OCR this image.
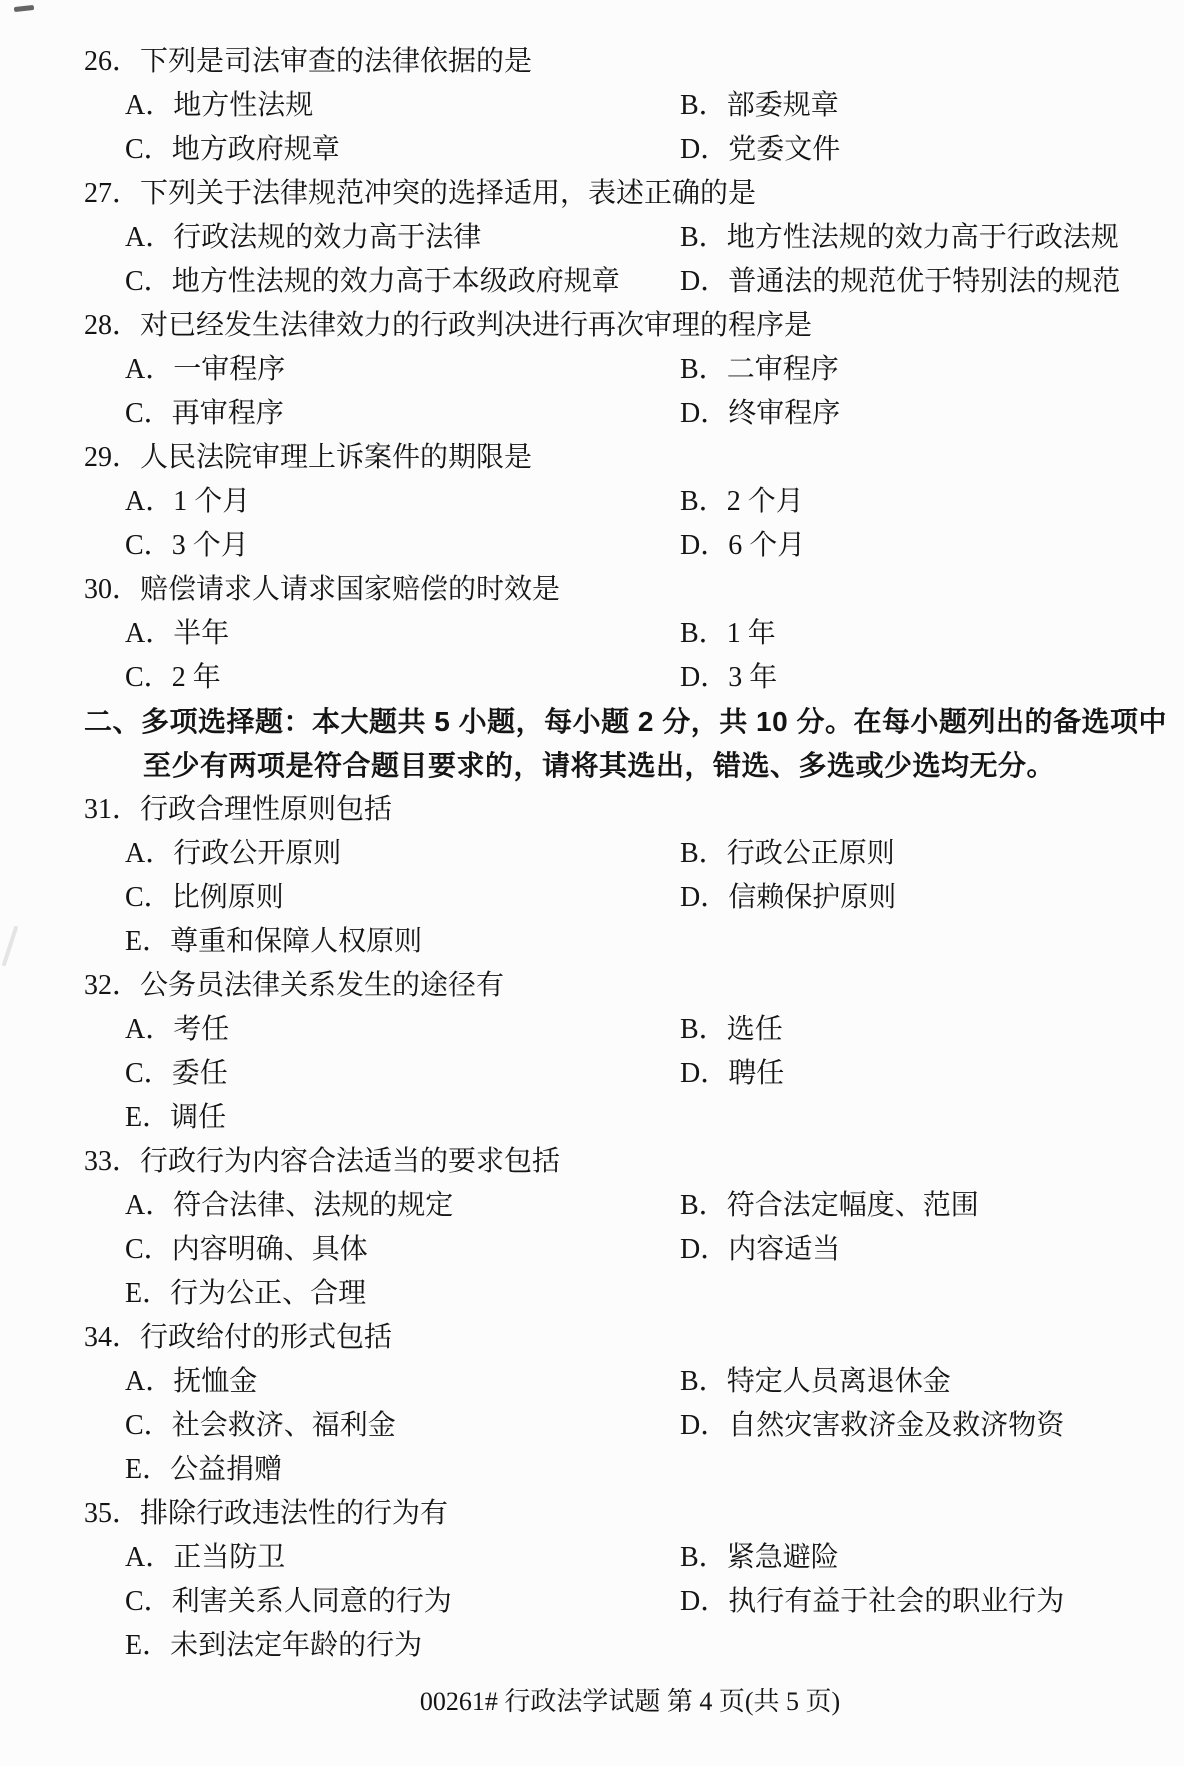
26．下列是司法审查的法律依据的是
A．地方性法规	B．部委规章
C．地方政府规章	D．党委文件
27．下列关于法律规范冲突的选择适用，表述正确的是
A．行政法规的效力高于法律	B．地方性法规的效力高于行政法规
C．地方性法规的效力高于本级政府规章	D．普通法的规范优于特别法的规范
28．对已经发生法律效力的行政判决进行再次审理的程序是
A．一审程序	B．二审程序
C．再审程序	D．终审程序
29．人民法院审理上诉案件的期限是
A．1 个月	B．2 个月
C．3 个月	D．6 个月
30．赔偿请求人请求国家赔偿的时效是
A．半年	B．1 年
C．2 年	D．3 年
二、多项选择题：本大题共 5 小题，每小题 2 分，共 10 分。在每小题列出的备选项中
至少有两项是符合题目要求的，请将其选出，错选、多选或少选均无分。
31．行政合理性原则包括
A．行政公开原则	B．行政公正原则
C．比例原则	D．信赖保护原则
E．尊重和保障人权原则
32．公务员法律关系发生的途径有
A．考任	B．选任
C．委任	D．聘任
E．调任
33．行政行为内容合法适当的要求包括
A．符合法律、法规的规定	B．符合法定幅度、范围
C．内容明确、具体	D．内容适当
E．行为公正、合理
34．行政给付的形式包括
A．抚恤金	B．特定人员离退休金
C．社会救济、福利金	D．自然灾害救济金及救济物资
E．公益捐赠
35．排除行政违法性的行为有
A．正当防卫	B．紧急避险
C．利害关系人同意的行为	D．执行有益于社会的职业行为
E．未到法定年龄的行为
00261# 行政法学试题 第 4 页(共 5 页)
